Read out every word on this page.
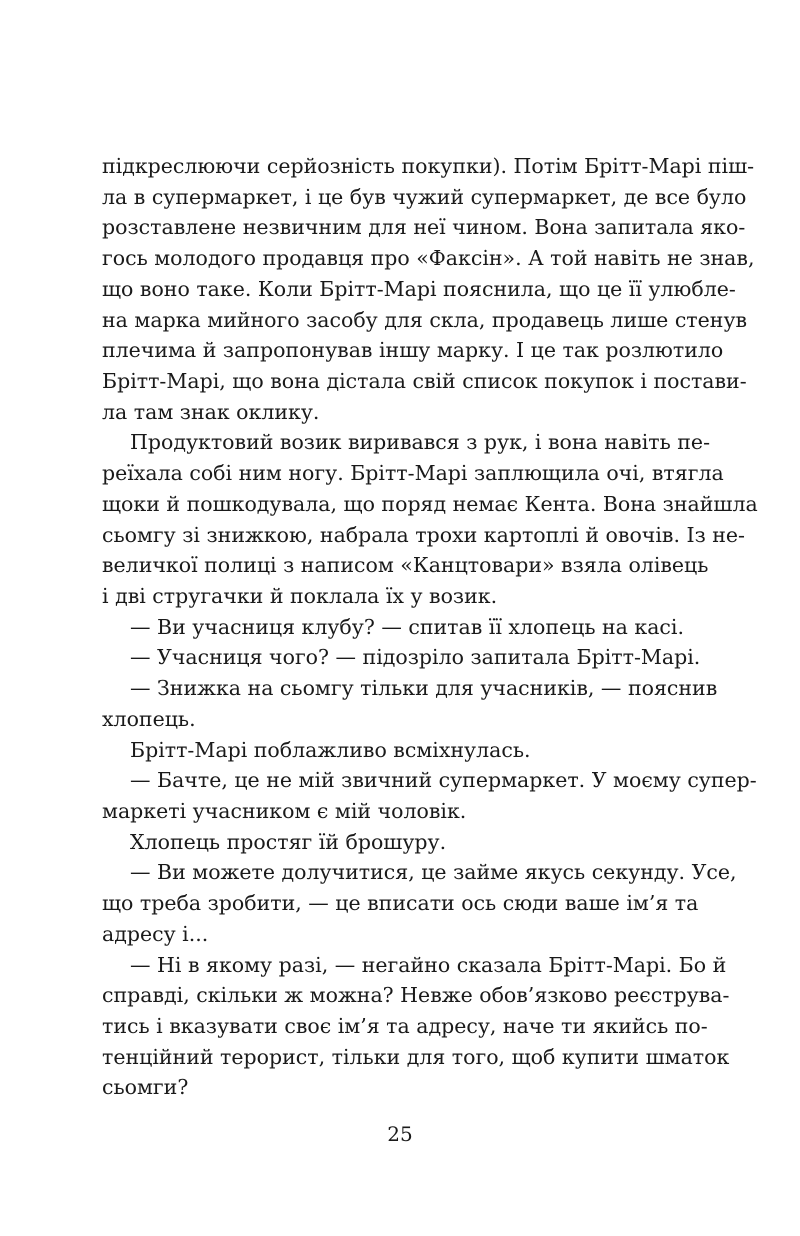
підкреслюючи серйозність покупки). Потім Брітт-Марі піш-
ла в супермаркет, і це був чужий супермаркет, де все було
розставлене незвичним для неї чином. Вона запитала яко-
гось молодого продавця про «Факсін». А той навіть не знав,
що воно таке. Коли Брітт-Марі пояснила, що це її улюбле-
на марка мийного засобу для скла, продавець лише стенув
плечима й запропонував іншу марку. І це так розлютило
Брітт-Марі, що вона дістала свій список покупок і постави-
ла там знак оклику.
Продуктовий возик виривався з рук, і вона навіть пе-
реїхала собі ним ногу. Брітт-Марі заплющила очі, втягла
щоки й пошкодувала, що поряд немає Кента. Вона знайшла
сьомгу зі знижкою, набрала трохи картоплі й овочів. Із не-
величкої полиці з написом «Канцтовари» взяла олівець
і дві стругачки й поклала їх у возик.
— Ви учасниця клубу? — спитав її хлопець на касі.
— Учасниця чого? — підозріло запитала Брітт-Марі.
— Знижка на сьомгу тільки для учасників, — пояснив
хлопець.
Брітт-Марі поблажливо всміхнулась.
— Бачте, це не мій звичний супермаркет. У моєму супер-
маркеті учасником є мій чоловік.
Хлопець простяг їй брошуру.
— Ви можете долучитися, це займе якусь секунду. Усе,
що треба зробити, — це вписати ось сюди ваше ім’я та
адресу і...
— Ні в якому разі, — негайно сказала Брітт-Марі. Бо й
справді, скільки ж можна? Невже обов’язково реєструва-
тись і вказувати своє ім’я та адресу, наче ти якийсь по-
тенційний терорист, тільки для того, щоб купити шматок
сьомги?
25
